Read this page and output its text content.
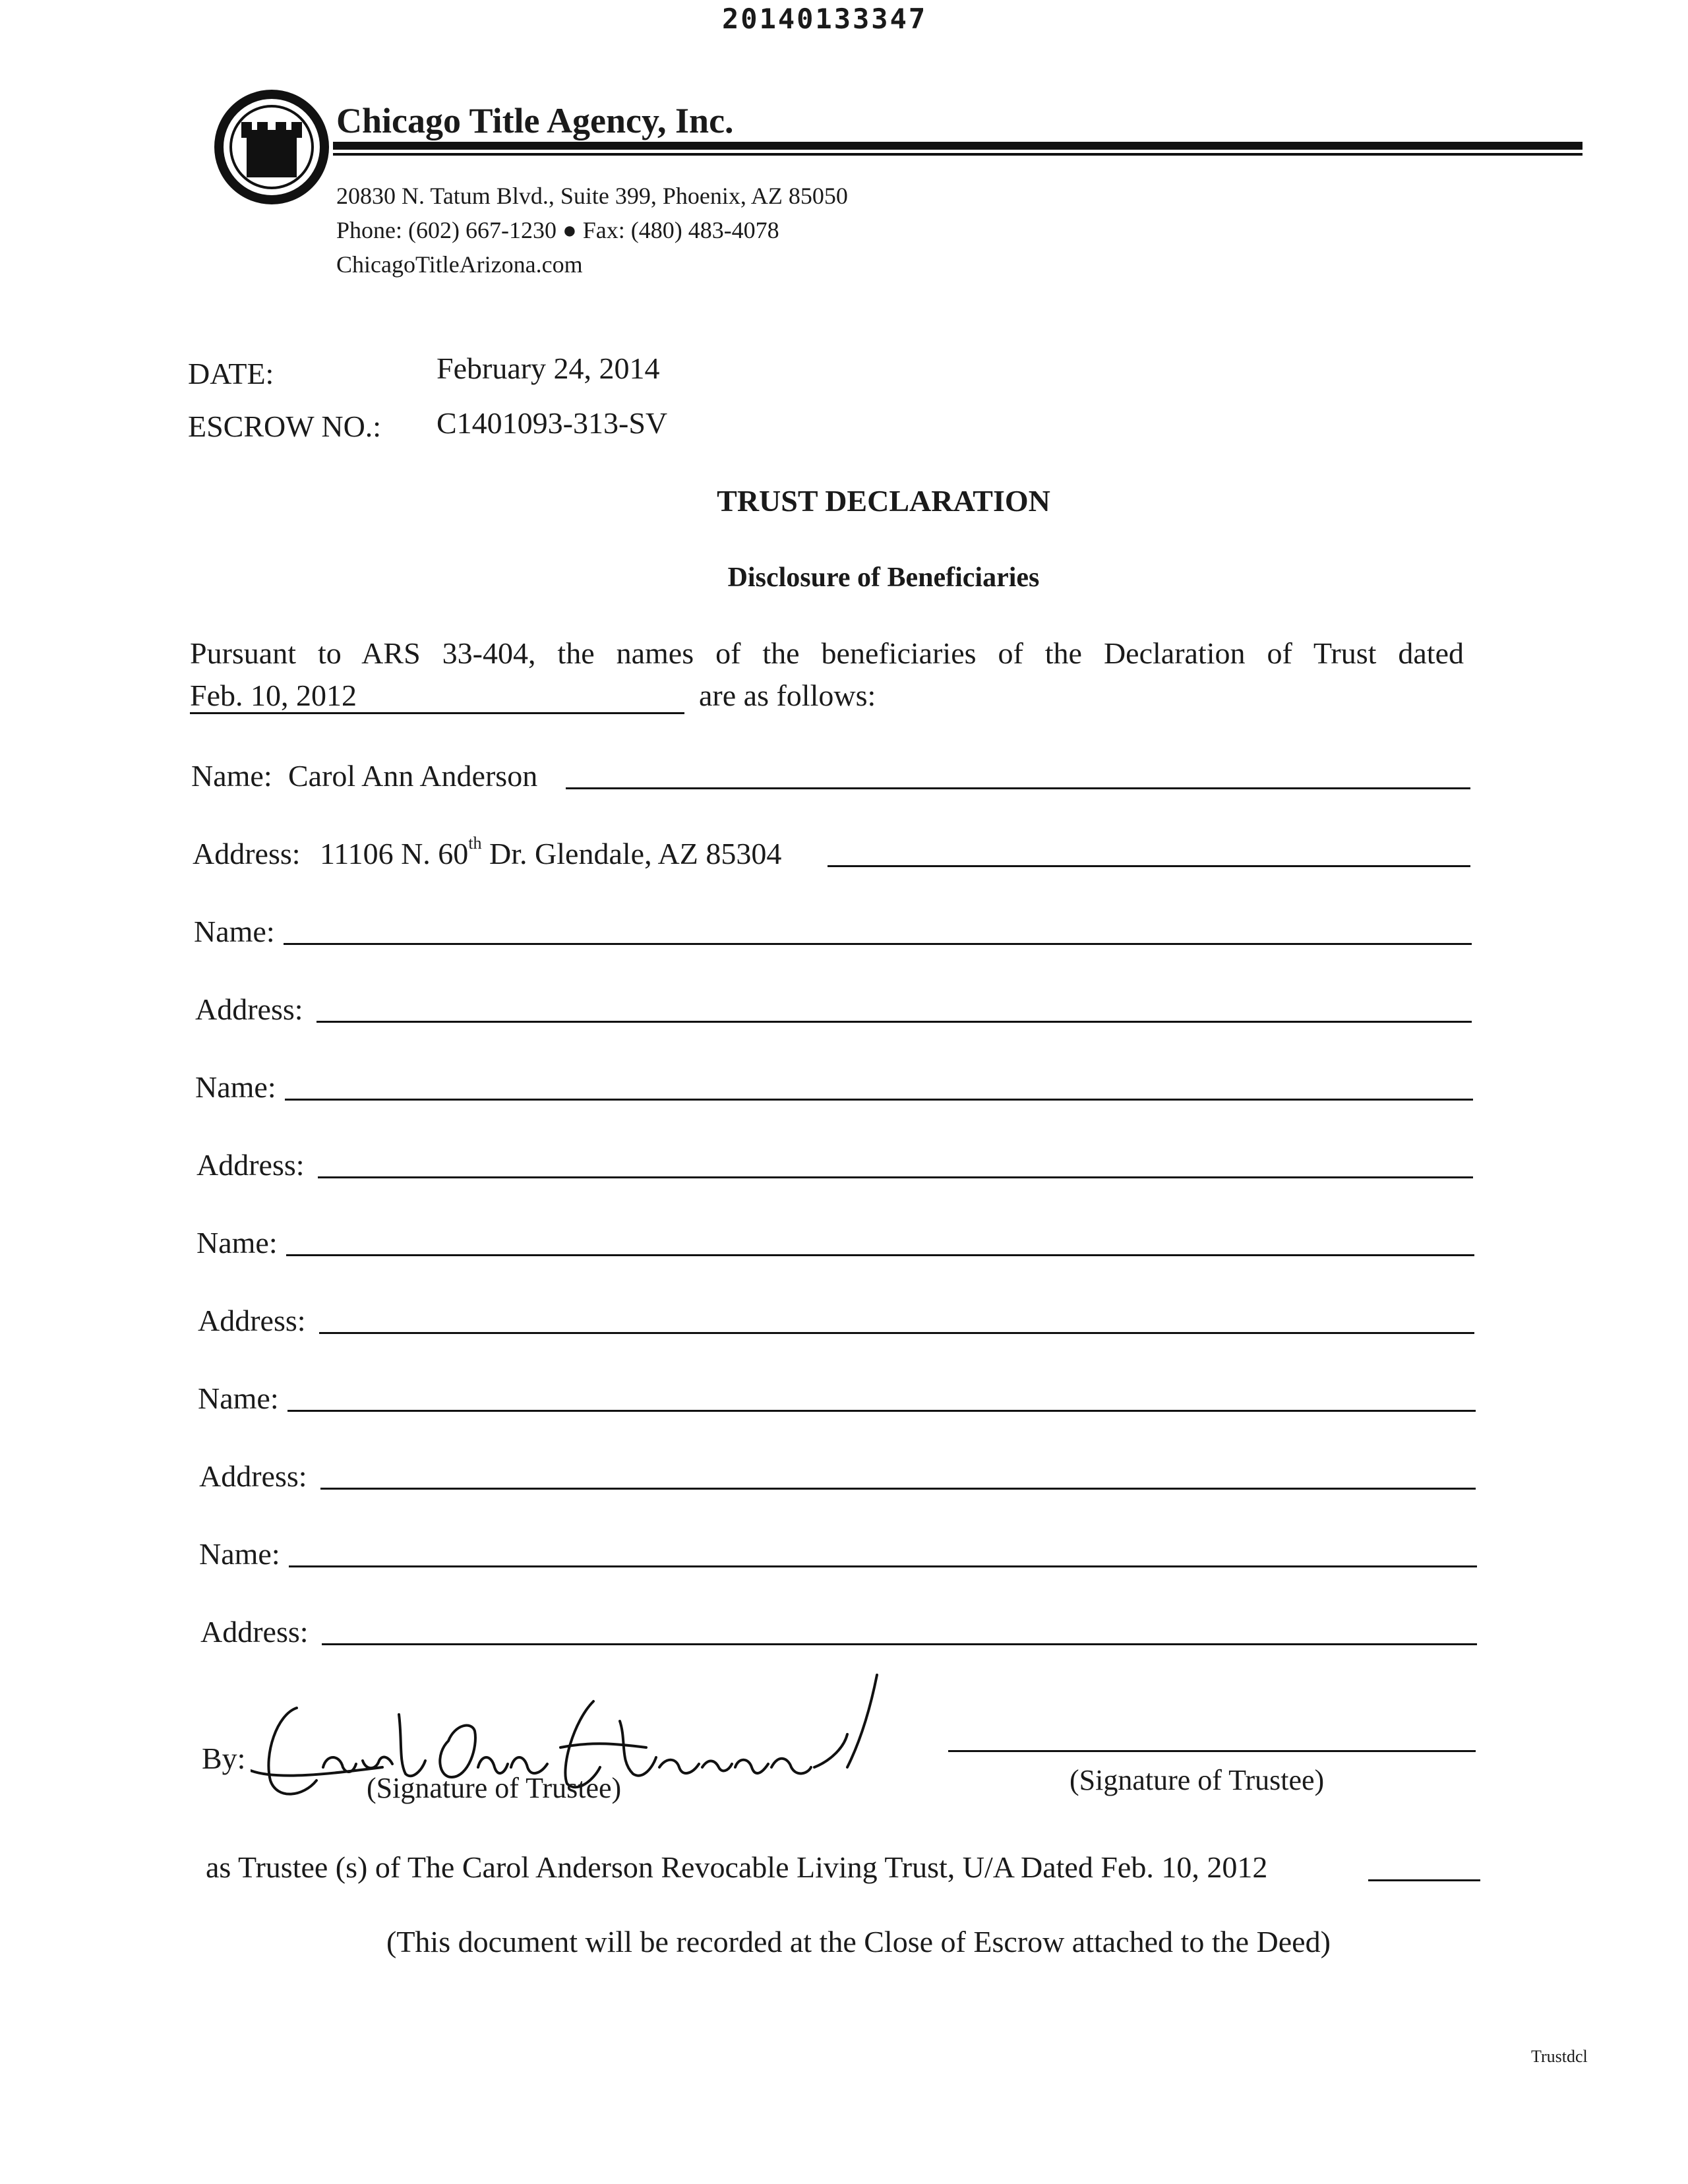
20140133347
Chicago Title Agency, Inc.
20830 N. Tatum Blvd., Suite 399, Phoenix, AZ 85050
Phone: (602) 667-1230 ● Fax: (480) 483-4078
ChicagoTitleArizona.com
DATE:	February 24, 2014
ESCROW NO.: C1401093-313-SV
TRUST DECLARATION
Disclosure of Beneficiaries
Pursuant to ARS 33-404, the names of the beneficiaries of the Declaration of Trust dated
Feb. 10, 2012	are as follows:
Name: Carol Ann Anderson
Address: 11106 N. 60th Dr. Glendale, AZ 85304
Name:
Address:
Name:
Address:
Name:
Address:
Name:
Address:
Name:
Address:
By:
(Signature of Trustee)	(Signature of Trustee)
as Trustee (s) of The Carol Anderson Revocable Living Trust, U/A Dated Feb. 10, 2012
(This document will be recorded at the Close of Escrow attached to the Deed)
Trustdcl
